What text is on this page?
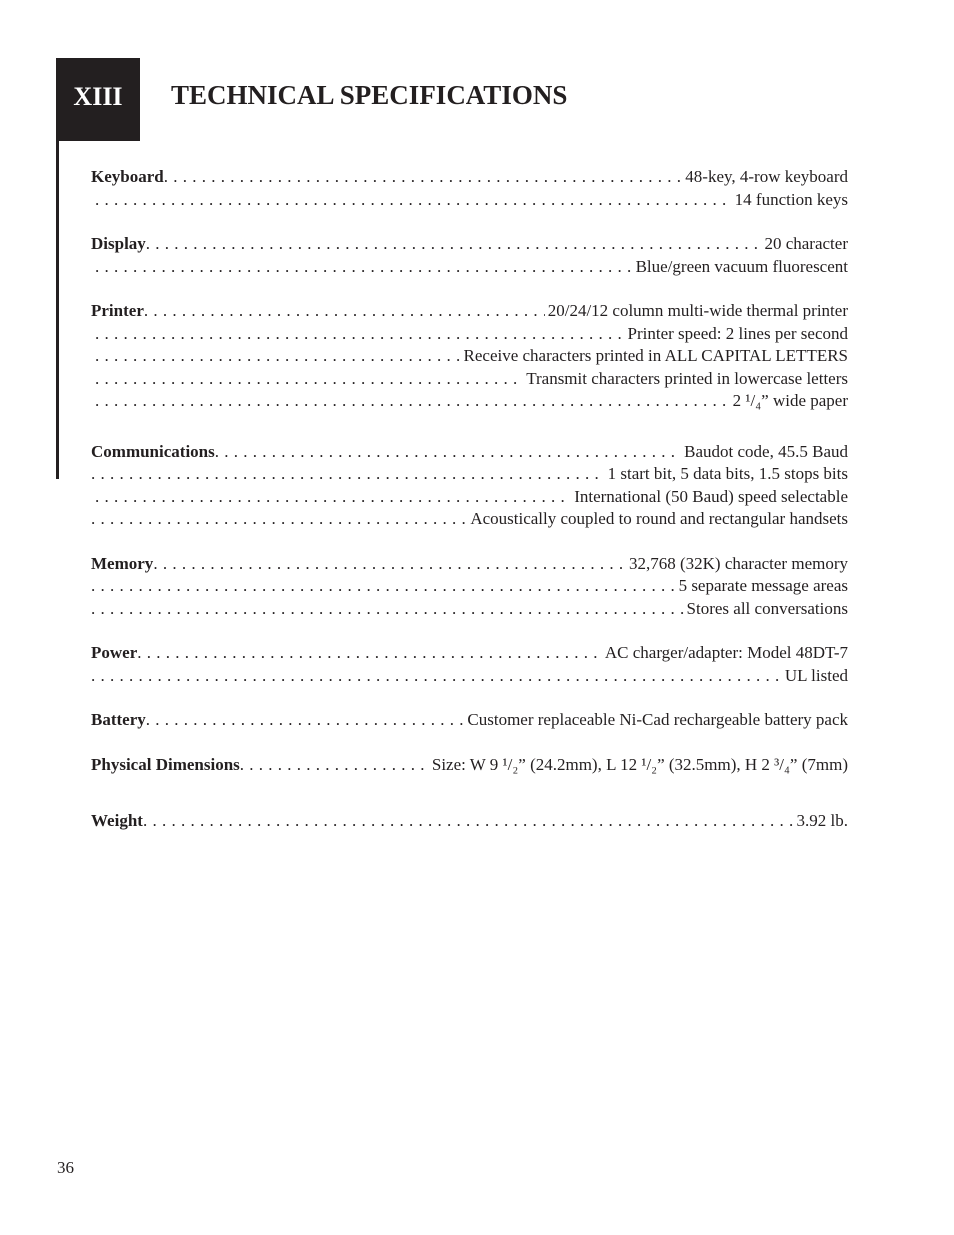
XIII	TECHNICAL SPECIFICATIONS
Keyboard . . .	48-key, 4-row keyboard
. . .
14 function keys
Display . . .	20 character
. . .
Blue/green vacuum fluorescent
Printer . . .	20/24/12 column multi-wide thermal printer
. . .
Printer speed: 2 lines per second
. . .
Receive characters printed in ALL CAPITAL LETTERS
. . .
Transmit characters printed in lowercase letters
. . .
2 ¹/₄” wide paper
Communications . . .	Baudot code, 45.5 Baud
. . .
1 start bit, 5 data bits, 1.5 stops bits
. . .
International (50 Baud) speed selectable
. . .
Acoustically coupled to round and rectangular handsets
Memory . . .	32,768 (32K) character memory
. . .
5 separate message areas
. . .
Stores all conversations
Power . . .	AC charger/adapter: Model 48DT-7
. . .
UL listed
Battery . . .	Customer replaceable Ni-Cad rechargeable battery pack
Physical Dimensions . . .	Size: W 9 ¹/₂” (24.2mm), L 12 ¹/₂” (32.5mm), H 2 ³/₄” (7mm)
Weight . . .	3.92 lb.
36
